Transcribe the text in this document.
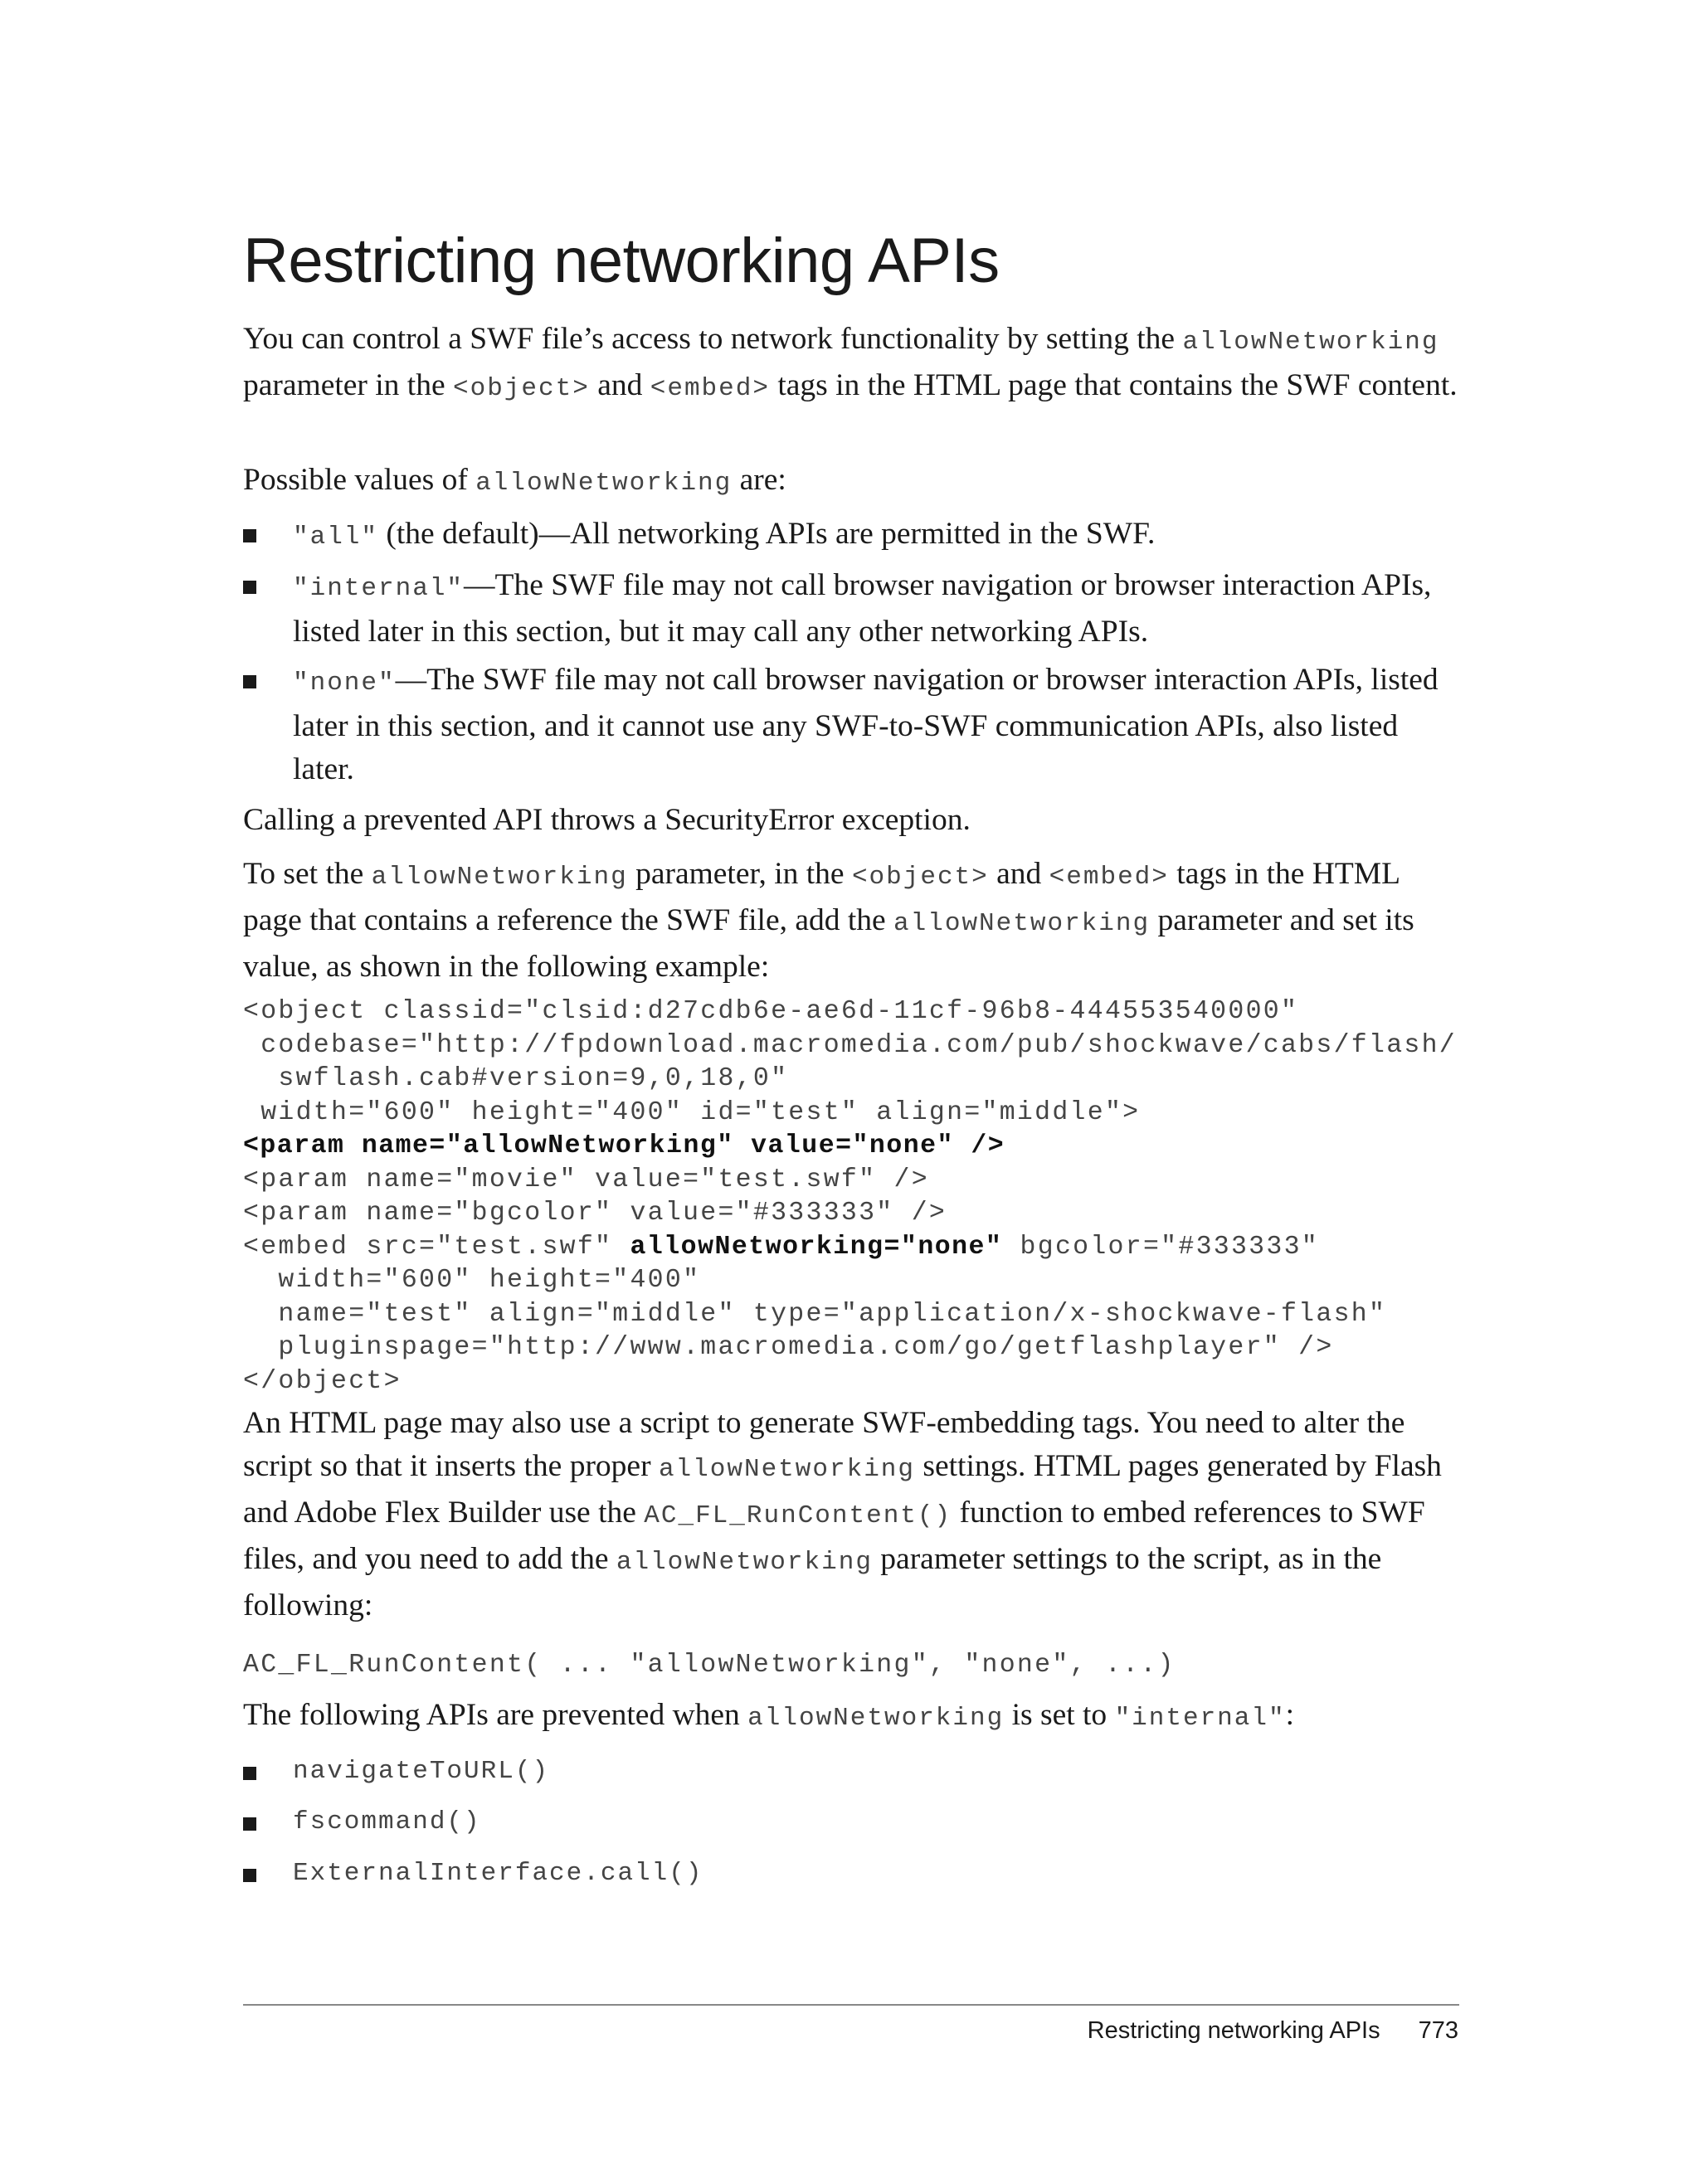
Restricting networking APIs

You can control a SWF file’s access to network functionality by setting the allowNetworking parameter in the <object> and <embed> tags in the HTML page that contains the SWF content.

Possible values of allowNetworking are:

"all" (the default)—All networking APIs are permitted in the SWF.
"internal"—The SWF file may not call browser navigation or browser interaction APIs, listed later in this section, but it may call any other networking APIs.
"none"—The SWF file may not call browser navigation or browser interaction APIs, listed later in this section, and it cannot use any SWF-to-SWF communication APIs, also listed later.

Calling a prevented API throws a SecurityError exception.

To set the allowNetworking parameter, in the <object> and <embed> tags in the HTML page that contains a reference the SWF file, add the allowNetworking parameter and set its value, as shown in the following example:

<object classid="clsid:d27cdb6e-ae6d-11cf-96b8-444553540000"
codebase="http://fpdownload.macromedia.com/pub/shockwave/cabs/flash/
swflash.cab#version=9,0,18,0"
width="600" height="400" id="test" align="middle">
<param name="allowNetworking" value="none" />
<param name="movie" value="test.swf" />
<param name="bgcolor" value="#333333" />
<embed src="test.swf" allowNetworking="none" bgcolor="#333333"
width="600" height="400"
name="test" align="middle" type="application/x-shockwave-flash"
pluginspage="http://www.macromedia.com/go/getflashplayer" />
</object>

An HTML page may also use a script to generate SWF-embedding tags. You need to alter the script so that it inserts the proper allowNetworking settings. HTML pages generated by Flash and Adobe Flex Builder use the AC_FL_RunContent() function to embed references to SWF files, and you need to add the allowNetworking parameter settings to the script, as in the following:

AC_FL_RunContent( ... "allowNetworking", "none", ...)

The following APIs are prevented when allowNetworking is set to "internal":

navigateToURL()
fscommand()
ExternalInterface.call()
Restricting networking APIs 773
